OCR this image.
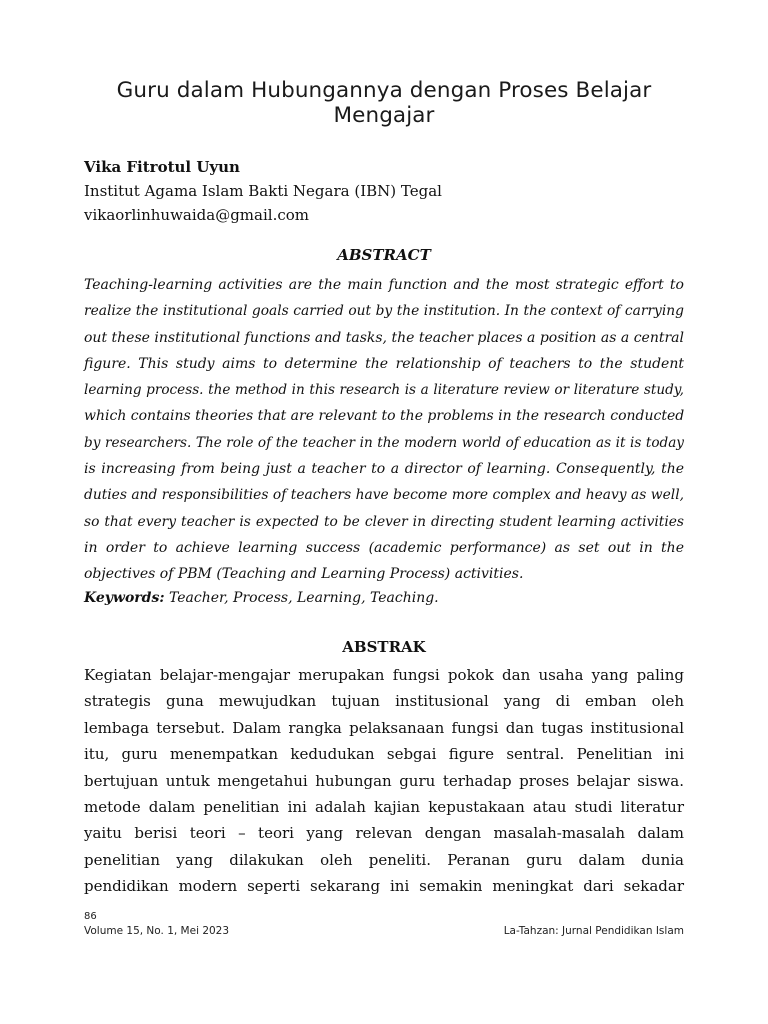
Guru dalam Hubungannya dengan Proses Belajar Mengajar
Vika Fitrotul Uyun
Institut Agama Islam Bakti Negara (IBN) Tegal
vikaorlinhuwaida@gmail.com
ABSTRACT
Teaching-learning activities are the main function and the most strategic effort to
realize the institutional goals carried out by the institution. In the context of carrying
out these institutional functions and tasks, the teacher places a position as a central
figure. This study aims to determine the relationship of teachers to the student
learning process. the method in this research is a literature review or literature study,
which contains theories that are relevant to the problems in the research conducted
by researchers. The role of the teacher in the modern world of education as it is today
is increasing from being just a teacher to a director of learning. Consequently, the
duties and responsibilities of teachers have become more complex and heavy as well,
so that every teacher is expected to be clever in directing student learning activities
in order to achieve learning success (academic performance) as set out in the
objectives of PBM (Teaching and Learning Process) activities.
Keywords: Teacher, Process, Learning, Teaching.
ABSTRAK
Kegiatan belajar-mengajar merupakan fungsi pokok dan usaha yang paling
strategis guna mewujudkan tujuan institusional yang di emban oleh
lembaga tersebut. Dalam rangka pelaksanaan fungsi dan tugas institusional
itu, guru menempatkan kedudukan sebgai figure sentral. Penelitian ini
bertujuan untuk mengetahui hubungan guru terhadap proses belajar siswa.
metode dalam penelitian ini adalah kajian kepustakaan atau studi literatur
yaitu berisi teori – teori yang relevan dengan masalah-masalah dalam
penelitian yang dilakukan oleh peneliti. Peranan guru dalam dunia
pendidikan modern seperti sekarang ini semakin meningkat dari sekadar
86
Volume 15, No. 1, Mei 2023	La-Tahzan: Jurnal Pendidikan Islam
